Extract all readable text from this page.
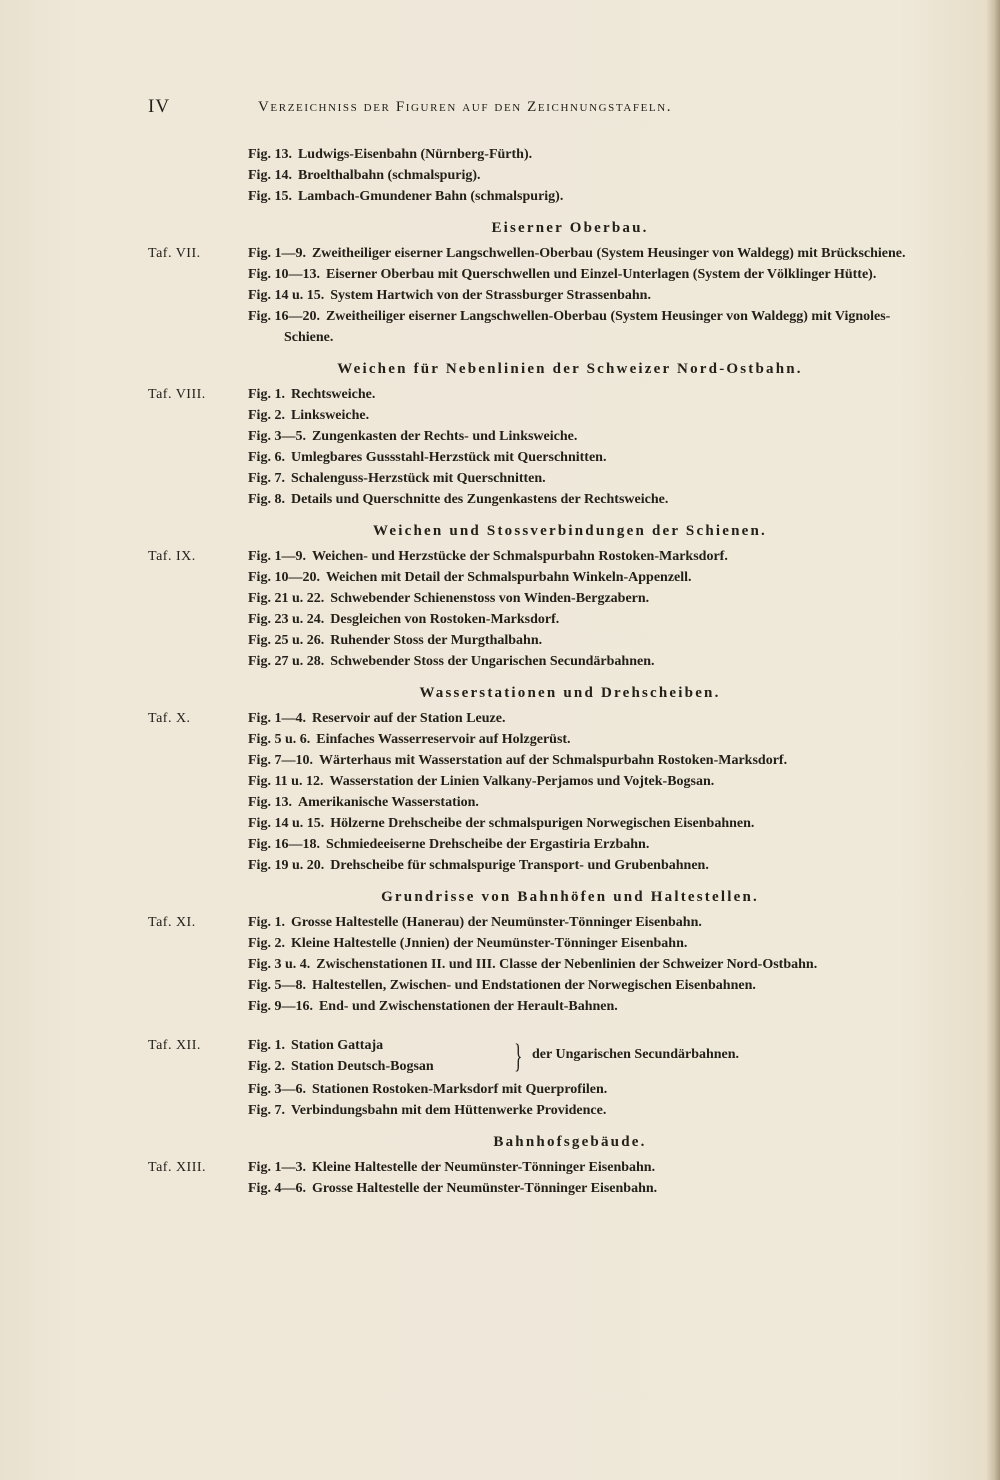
IV	Verzeichniss der Figuren auf den Zeichnungstafeln.
Fig. 13. Ludwigs-Eisenbahn (Nürnberg-Fürth).
Fig. 14. Broelthalbahn (schmalspurig).
Fig. 15. Lambach-Gmundener Bahn (schmalspurig).
Eiserner Oberbau.
Taf. VII.	Fig. 1—9. Zweitheiliger eiserner Langschwellen-Oberbau (System Heusinger von Waldegg) mit Brückschiene.
Fig. 10—13. Eiserner Oberbau mit Querschwellen und Einzel-Unterlagen (System der Völklinger Hütte).
Fig. 14 u. 15. System Hartwich von der Strassburger Strassenbahn.
Fig. 16—20. Zweitheiliger eiserner Langschwellen-Oberbau (System Heusinger von Waldegg) mit Vignoles-Schiene.
Weichen für Nebenlinien der Schweizer Nord-Ostbahn.
Taf. VIII.	Fig. 1. Rechtsweiche.
Fig. 2. Linksweiche.
Fig. 3—5. Zungenkasten der Rechts- und Linksweiche.
Fig. 6. Umlegbares Gussstahl-Herzstück mit Querschnitten.
Fig. 7. Schalenguss-Herzstück mit Querschnitten.
Fig. 8. Details und Querschnitte des Zungenkastens der Rechtsweiche.
Weichen und Stossverbindungen der Schienen.
Taf. IX.	Fig. 1—9. Weichen- und Herzstücke der Schmalspurbahn Rostoken-Marksdorf.
Fig. 10—20. Weichen mit Detail der Schmalspurbahn Winkeln-Appenzell.
Fig. 21 u. 22. Schwebender Schienenstoss von Winden-Bergzabern.
Fig. 23 u. 24. Desgleichen von Rostoken-Marksdorf.
Fig. 25 u. 26. Ruhender Stoss der Murgthalbahn.
Fig. 27 u. 28. Schwebender Stoss der Ungarischen Secundärbahnen.
Wasserstationen und Drehscheiben.
Taf. X.	Fig. 1—4. Reservoir auf der Station Leuze.
Fig. 5 u. 6. Einfaches Wasserreservoir auf Holzgerüst.
Fig. 7—10. Wärterhaus mit Wasserstation auf der Schmalspurbahn Rostoken-Marksdorf.
Fig. 11 u. 12. Wasserstation der Linien Valkany-Perjamos und Vojtek-Bogsan.
Fig. 13. Amerikanische Wasserstation.
Fig. 14 u. 15. Hölzerne Drehscheibe der schmalspurigen Norwegischen Eisenbahnen.
Fig. 16—18. Schmiedeeiserne Drehscheibe der Ergastiria Erzbahn.
Fig. 19 u. 20. Drehscheibe für schmalspurige Transport- und Grubenbahnen.
Grundrisse von Bahnhöfen und Haltestellen.
Taf. XI.	Fig. 1. Grosse Haltestelle (Hanerau) der Neumünster-Tönninger Eisenbahn.
Fig. 2. Kleine Haltestelle (Jnnien) der Neumünster-Tönninger Eisenbahn.
Fig. 3 u. 4. Zwischenstationen II. und III. Classe der Nebenlinien der Schweizer Nord-Ostbahn.
Fig. 5—8. Haltestellen, Zwischen- und Endstationen der Norwegischen Eisenbahnen.
Fig. 9—16. End- und Zwischenstationen der Herault-Bahnen.
Taf. XII.	Fig. 1. Station Gattaja
Fig. 2. Station Deutsch-Bogsan	} der Ungarischen Secundärbahnen.
Fig. 3—6. Stationen Rostoken-Marksdorf mit Querprofilen.
Fig. 7. Verbindungsbahn mit dem Hüttenwerke Providence.
Bahnhofsgebäude.
Taf. XIII.	Fig. 1—3. Kleine Haltestelle der Neumünster-Tönninger Eisenbahn.
Fig. 4—6. Grosse Haltestelle der Neumünster-Tönninger Eisenbahn.
